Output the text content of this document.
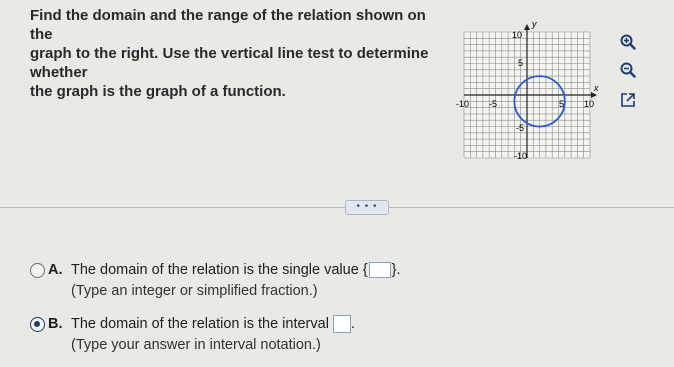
Find the domain and the range of the relation shown on the
graph to the right. Use the vertical line test to determine whether
the graph is the graph of a function.
y
x
10
5
-10 -5	5 10
-5
-10
• • •
A. The domain of the relation is the single value { }.
(Type an integer or simplified fraction.)
B. The domain of the relation is the interval .
(Type your answer in interval notation.)
